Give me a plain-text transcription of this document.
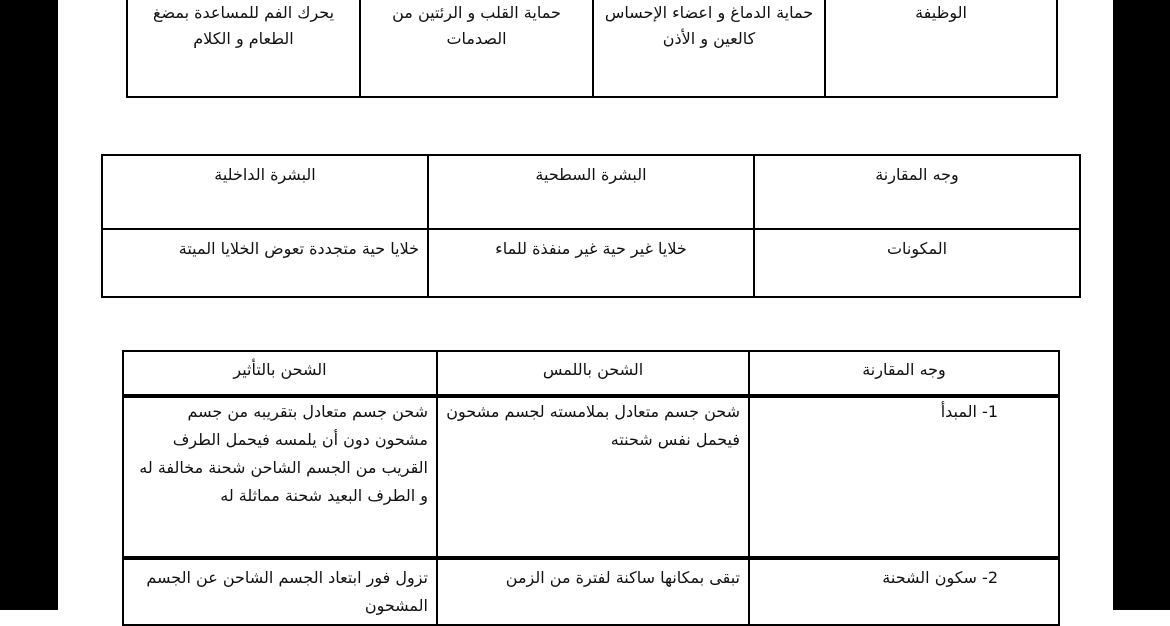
الوظيفة	حماية الدماغ و اعضاء الإحساس كالعين و الأذن	حماية القلب و الرئتين من الصدمات	يحرك الفم للمساعدة بمضغ الطعام و الكلام
وجه المقارنة	البشرة السطحية	البشرة الداخلية
المكونات	خلايا غير حية غير منفذة للماء	خلايا حية متجددة تعوض الخلايا الميتة
وجه المقارنة	الشحن باللمس	الشحن بالتأثير
1- المبدأ	شحن جسم متعادل بملامسته لجسم مشحون فيحمل نفس شحنته	شحن جسم متعادل بتقريبه من جسم مشحون دون أن يلمسه فيحمل الطرف القريب من الجسم الشاحن شحنة مخالفة له و الطرف البعيد شحنة مماثلة له
2- سكون الشحنة	تبقى بمكانها ساكنة لفترة من الزمن	تزول فور ابتعاد الجسم الشاحن عن الجسم المشحون
